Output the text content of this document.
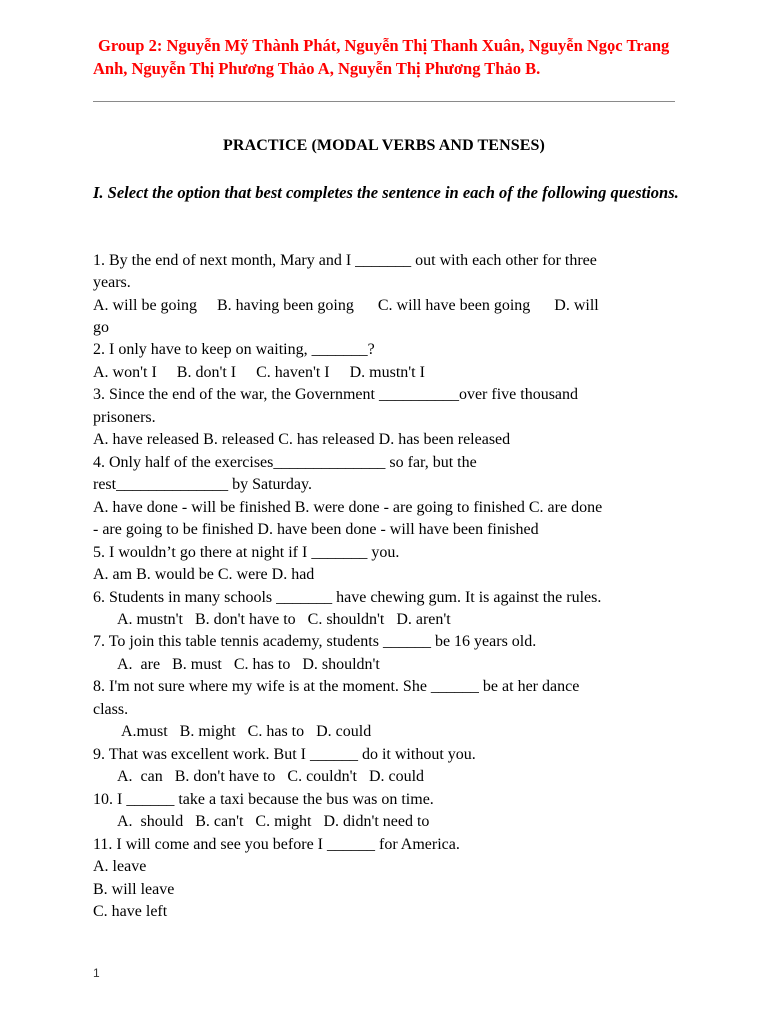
Group 2: Nguyễn Mỹ Thành Phát, Nguyễn Thị Thanh Xuân, Nguyễn Ngọc Trang Anh, Nguyễn Thị Phương Thảo A, Nguyễn Thị Phương Thảo B.
PRACTICE (MODAL VERBS AND TENSES)
I. Select the option that best completes the sentence in each of the following questions.
1. By the end of next month, Mary and I _______ out with each other for three
years.
A. will be going     B. having been going      C. will have been going      D. will
go
2. I only have to keep on waiting, _______?
A. won't I     B. don't I     C. haven't I     D. mustn't I
3. Since the end of the war, the Government __________over five thousand
prisoners.
A. have released B. released C. has released D. has been released
4. Only half of the exercises______________ so far, but the
rest______________ by Saturday.
A. have done - will be finished B. were done - are going to finished C. are done
- are going to be finished D. have been done - will have been finished
5. I wouldn’t go there at night if I _______ you.
A. am B. would be C. were D. had
6. Students in many schools _______ have chewing gum. It is against the rules.
A. mustn't   B. don't have to   C. shouldn't   D. aren't
7. To join this table tennis academy, students ______ be 16 years old.
A.  are   B. must   C. has to   D. shouldn't
8. I'm not sure where my wife is at the moment. She ______ be at her dance
class.
A.must   B. might   C. has to   D. could
9. That was excellent work. But I ______ do it without you.
A.  can   B. don't have to   C. couldn't   D. could
10. I ______ take a taxi because the bus was on time.
A.  should   B. can't   C. might   D. didn't need to
11. I will come and see you before I ______ for America.
A. leave
B. will leave
C. have left
1
